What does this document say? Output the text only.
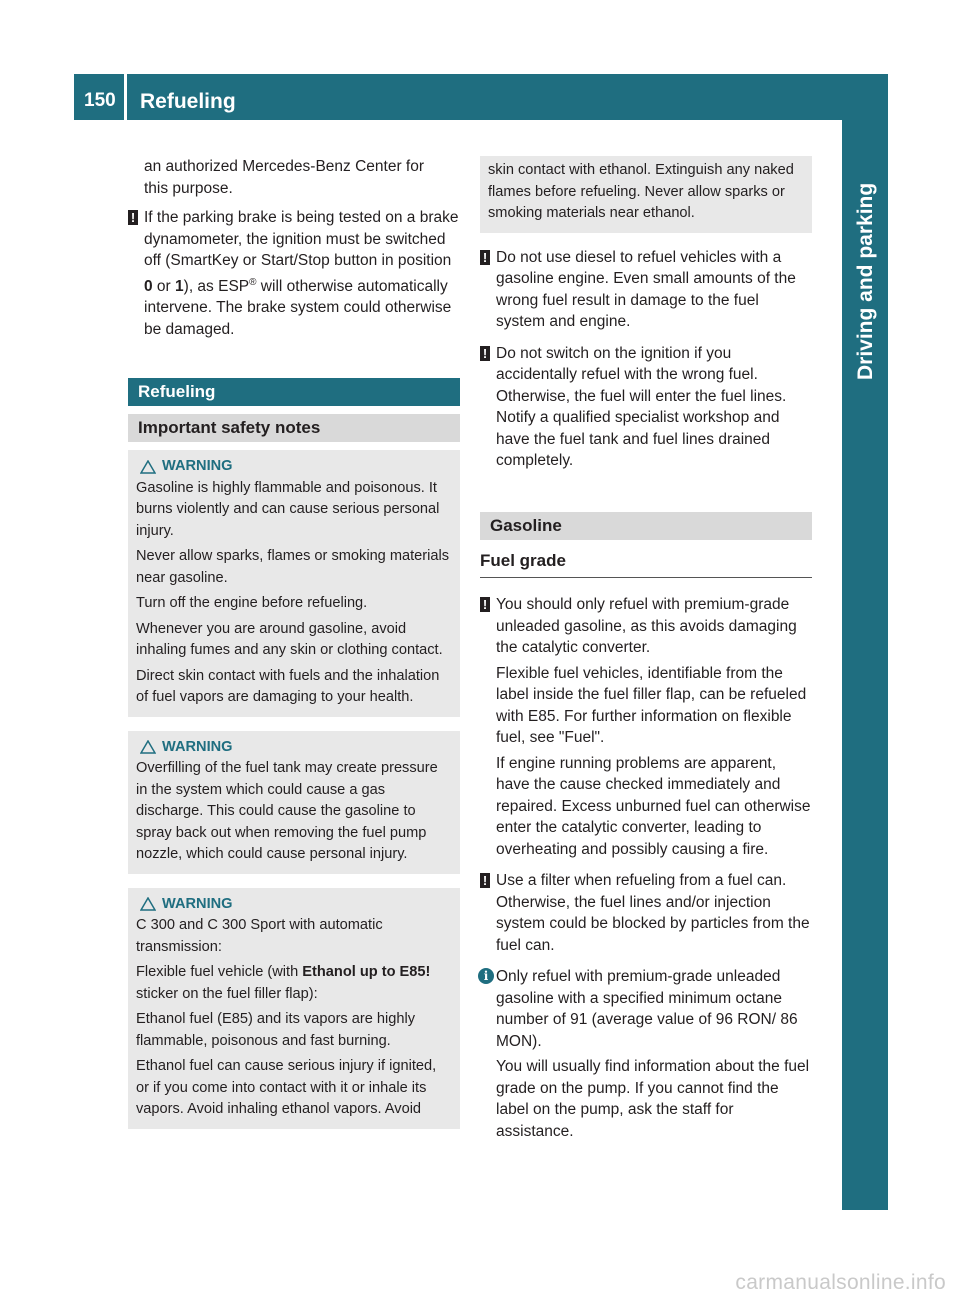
150 Refueling
Driving and parking

an authorized Mercedes-Benz Center for

this purpose.

! If the parking brake is being tested on a brake dynamometer, the ignition must be switched off (SmartKey or Start/Stop button in position 0 or 1), as ESP® will otherwise automatically intervene. The brake system could otherwise be damaged.

Refueling
Important safety notes
WARNING

Gasoline is highly flammable and poisonous. It burns violently and can cause serious personal injury.

Never allow sparks, flames or smoking materials near gasoline.

Turn off the engine before refueling.

Whenever you are around gasoline, avoid inhaling fumes and any skin or clothing contact.

Direct skin contact with fuels and the inhalation of fuel vapors are damaging to your health.

WARNING

Overfilling of the fuel tank may create pressure in the system which could cause a gas discharge. This could cause the gasoline to spray back out when removing the fuel pump nozzle, which could cause personal injury.

WARNING

C 300 and C 300 Sport with automatic transmission:

Flexible fuel vehicle (with Ethanol up to E85! sticker on the fuel filler flap):

Ethanol fuel (E85) and its vapors are highly flammable, poisonous and fast burning.

Ethanol fuel can cause serious injury if ignited, or if you come into contact with it or inhale its vapors. Avoid inhaling ethanol vapors. Avoid

skin contact with ethanol. Extinguish any naked flames before refueling. Never allow sparks or smoking materials near ethanol.

! Do not use diesel to refuel vehicles with a gasoline engine. Even small amounts of the wrong fuel result in damage to the fuel system and engine.

! Do not switch on the ignition if you accidentally refuel with the wrong fuel. Otherwise, the fuel will enter the fuel lines. Notify a qualified specialist workshop and have the fuel tank and fuel lines drained completely.

Gasoline
Fuel grade
! You should only refuel with premium-grade unleaded gasoline, as this avoids damaging the catalytic converter.

Flexible fuel vehicles, identifiable from the label inside the fuel filler flap, can be refueled with E85. For further information on flexible fuel, see "Fuel".

If engine running problems are apparent, have the cause checked immediately and repaired. Excess unburned fuel can otherwise enter the catalytic converter, leading to overheating and possibly causing a fire.

! Use a filter when refueling from a fuel can. Otherwise, the fuel lines and/or injection system could be blocked by particles from the fuel can.

i Only refuel with premium-grade unleaded gasoline with a specified minimum octane number of 91 (average value of 96 RON/ 86 MON).

You will usually find information about the fuel grade on the pump. If you cannot find the label on the pump, ask the staff for assistance.

carmanualsonline.info
